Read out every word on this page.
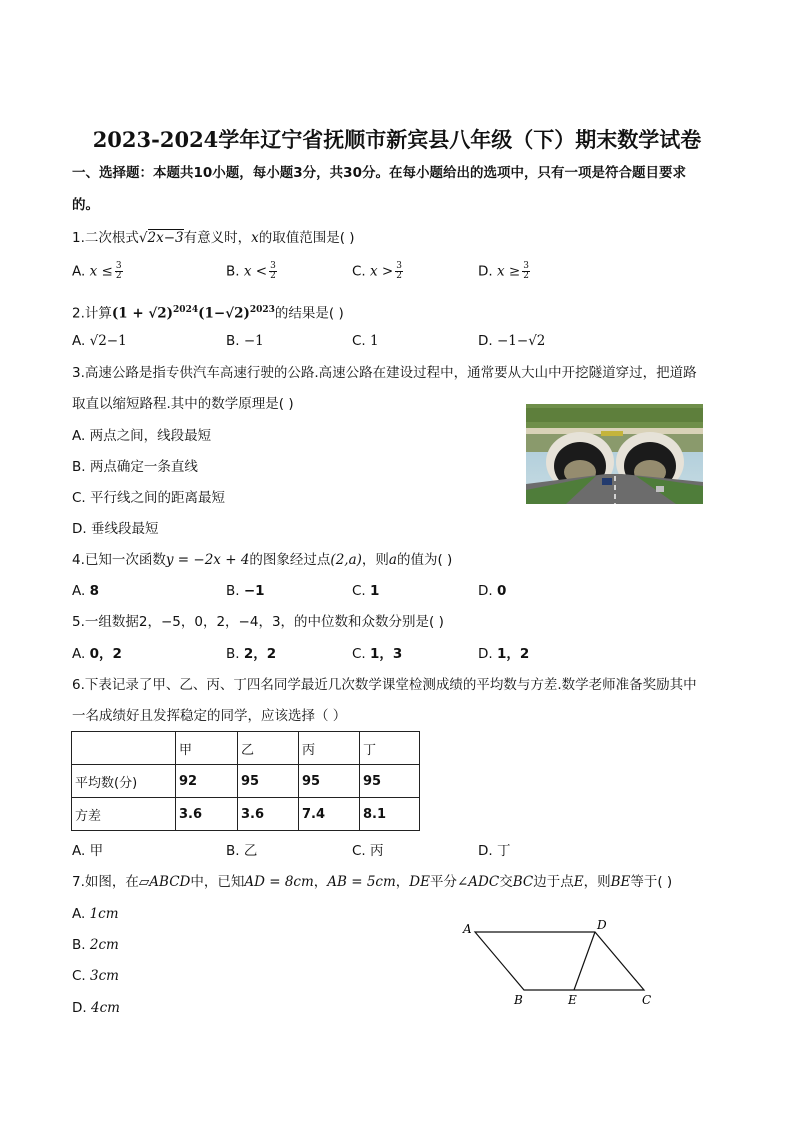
2023-2024学年辽宁省抚顺市新宾县八年级（下）期末数学试卷
一、选择题：本题共10小题，每小题3分，共30分。在每小题给出的选项中，只有一项是符合题目要求
的。
1.二次根式√2x−3有意义时，x的取值范围是( )
A. $x \le \frac{3}{2}$	B. $x < \frac{3}{2}$	C. $x > \frac{3}{2}$	D. $x \ge \frac{3}{2}$
2.计算$(1 + √2)^{2024}(1-√2)^{2023}$的结果是( )
A. √2−1	B. −1	C. 1	D. −1−√2
3.高速公路是指专供汽车高速行驶的公路.高速公路在建设过程中，通常要从大山中开挖隧道穿过，把道路
取直以缩短路程.其中的数学原理是( )
A. 两点之间，线段最短
B. 两点确定一条直线
C. 平行线之间的距离最短
D. 垂线段最短
4.已知一次函数y = −2x + 4的图象经过点(2,a)，则a的值为( )
A. 8	B. −1	C. 1	D. 0
5.一组数据2，−5，0，2，−4，3，的中位数和众数分别是( )
A. 0，2	B. 2，2	C. 1，3	D. 1，2
6.下表记录了甲、乙、丙、丁四名同学最近几次数学课堂检测成绩的平均数与方差.数学老师准备奖励其中
一名成绩好且发挥稳定的同学，应该选择（ ）
	甲	乙	丙	丁
平均数(分)	92	95	95	95
方差	3.6	3.6	7.4	8.1
A. 甲	B. 乙	C. 丙	D. 丁
7.如图，在▱ABCD中，已知AD = 8cm，AB = 5cm，DE平分∠ADC交BC边于点E，则BE等于( )
A. 1cm
B. 2cm
C. 3cm
D. 4cm
A	D
B	E	C
